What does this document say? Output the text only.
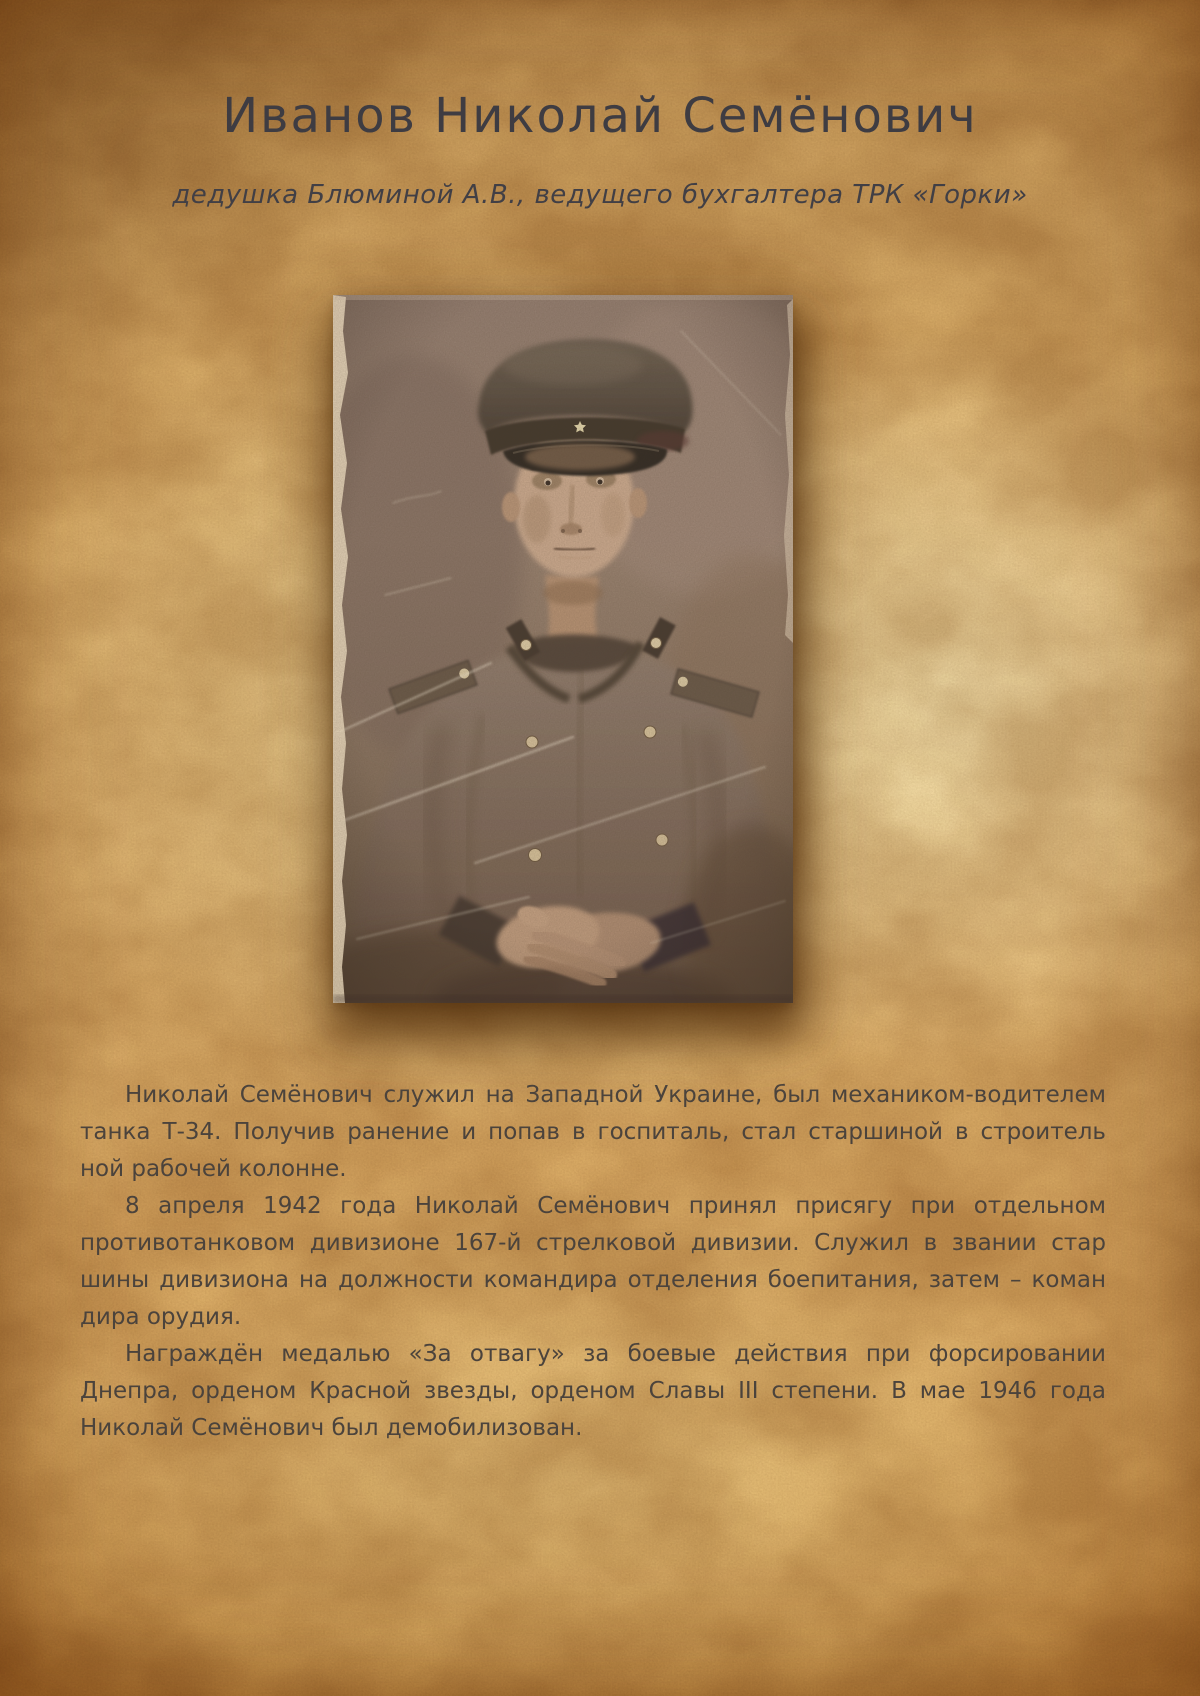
Иванов Николай Семёнович
дедушка Блюминой А.В., ведущего бухгалтера ТРК «Горки»
Николай Семёнович служил на Западной Украине, был механиком-водителем
танка Т-34. Получив ранение и попав в госпиталь, стал старшиной в строитель
ной рабочей колонне.
8 апреля 1942 года Николай Семёнович принял присягу при отдельном
противотанковом дивизионе 167-й стрелковой дивизии. Служил в звании стар
шины дивизиона на должности командира отделения боепитания, затем – коман
дира орудия.
Награждён медалью «За отвагу» за боевые действия при форсировании
Днепра, орденом Красной звезды, орденом Славы III степени. В мае 1946 года
Николай Семёнович был демобилизован.
